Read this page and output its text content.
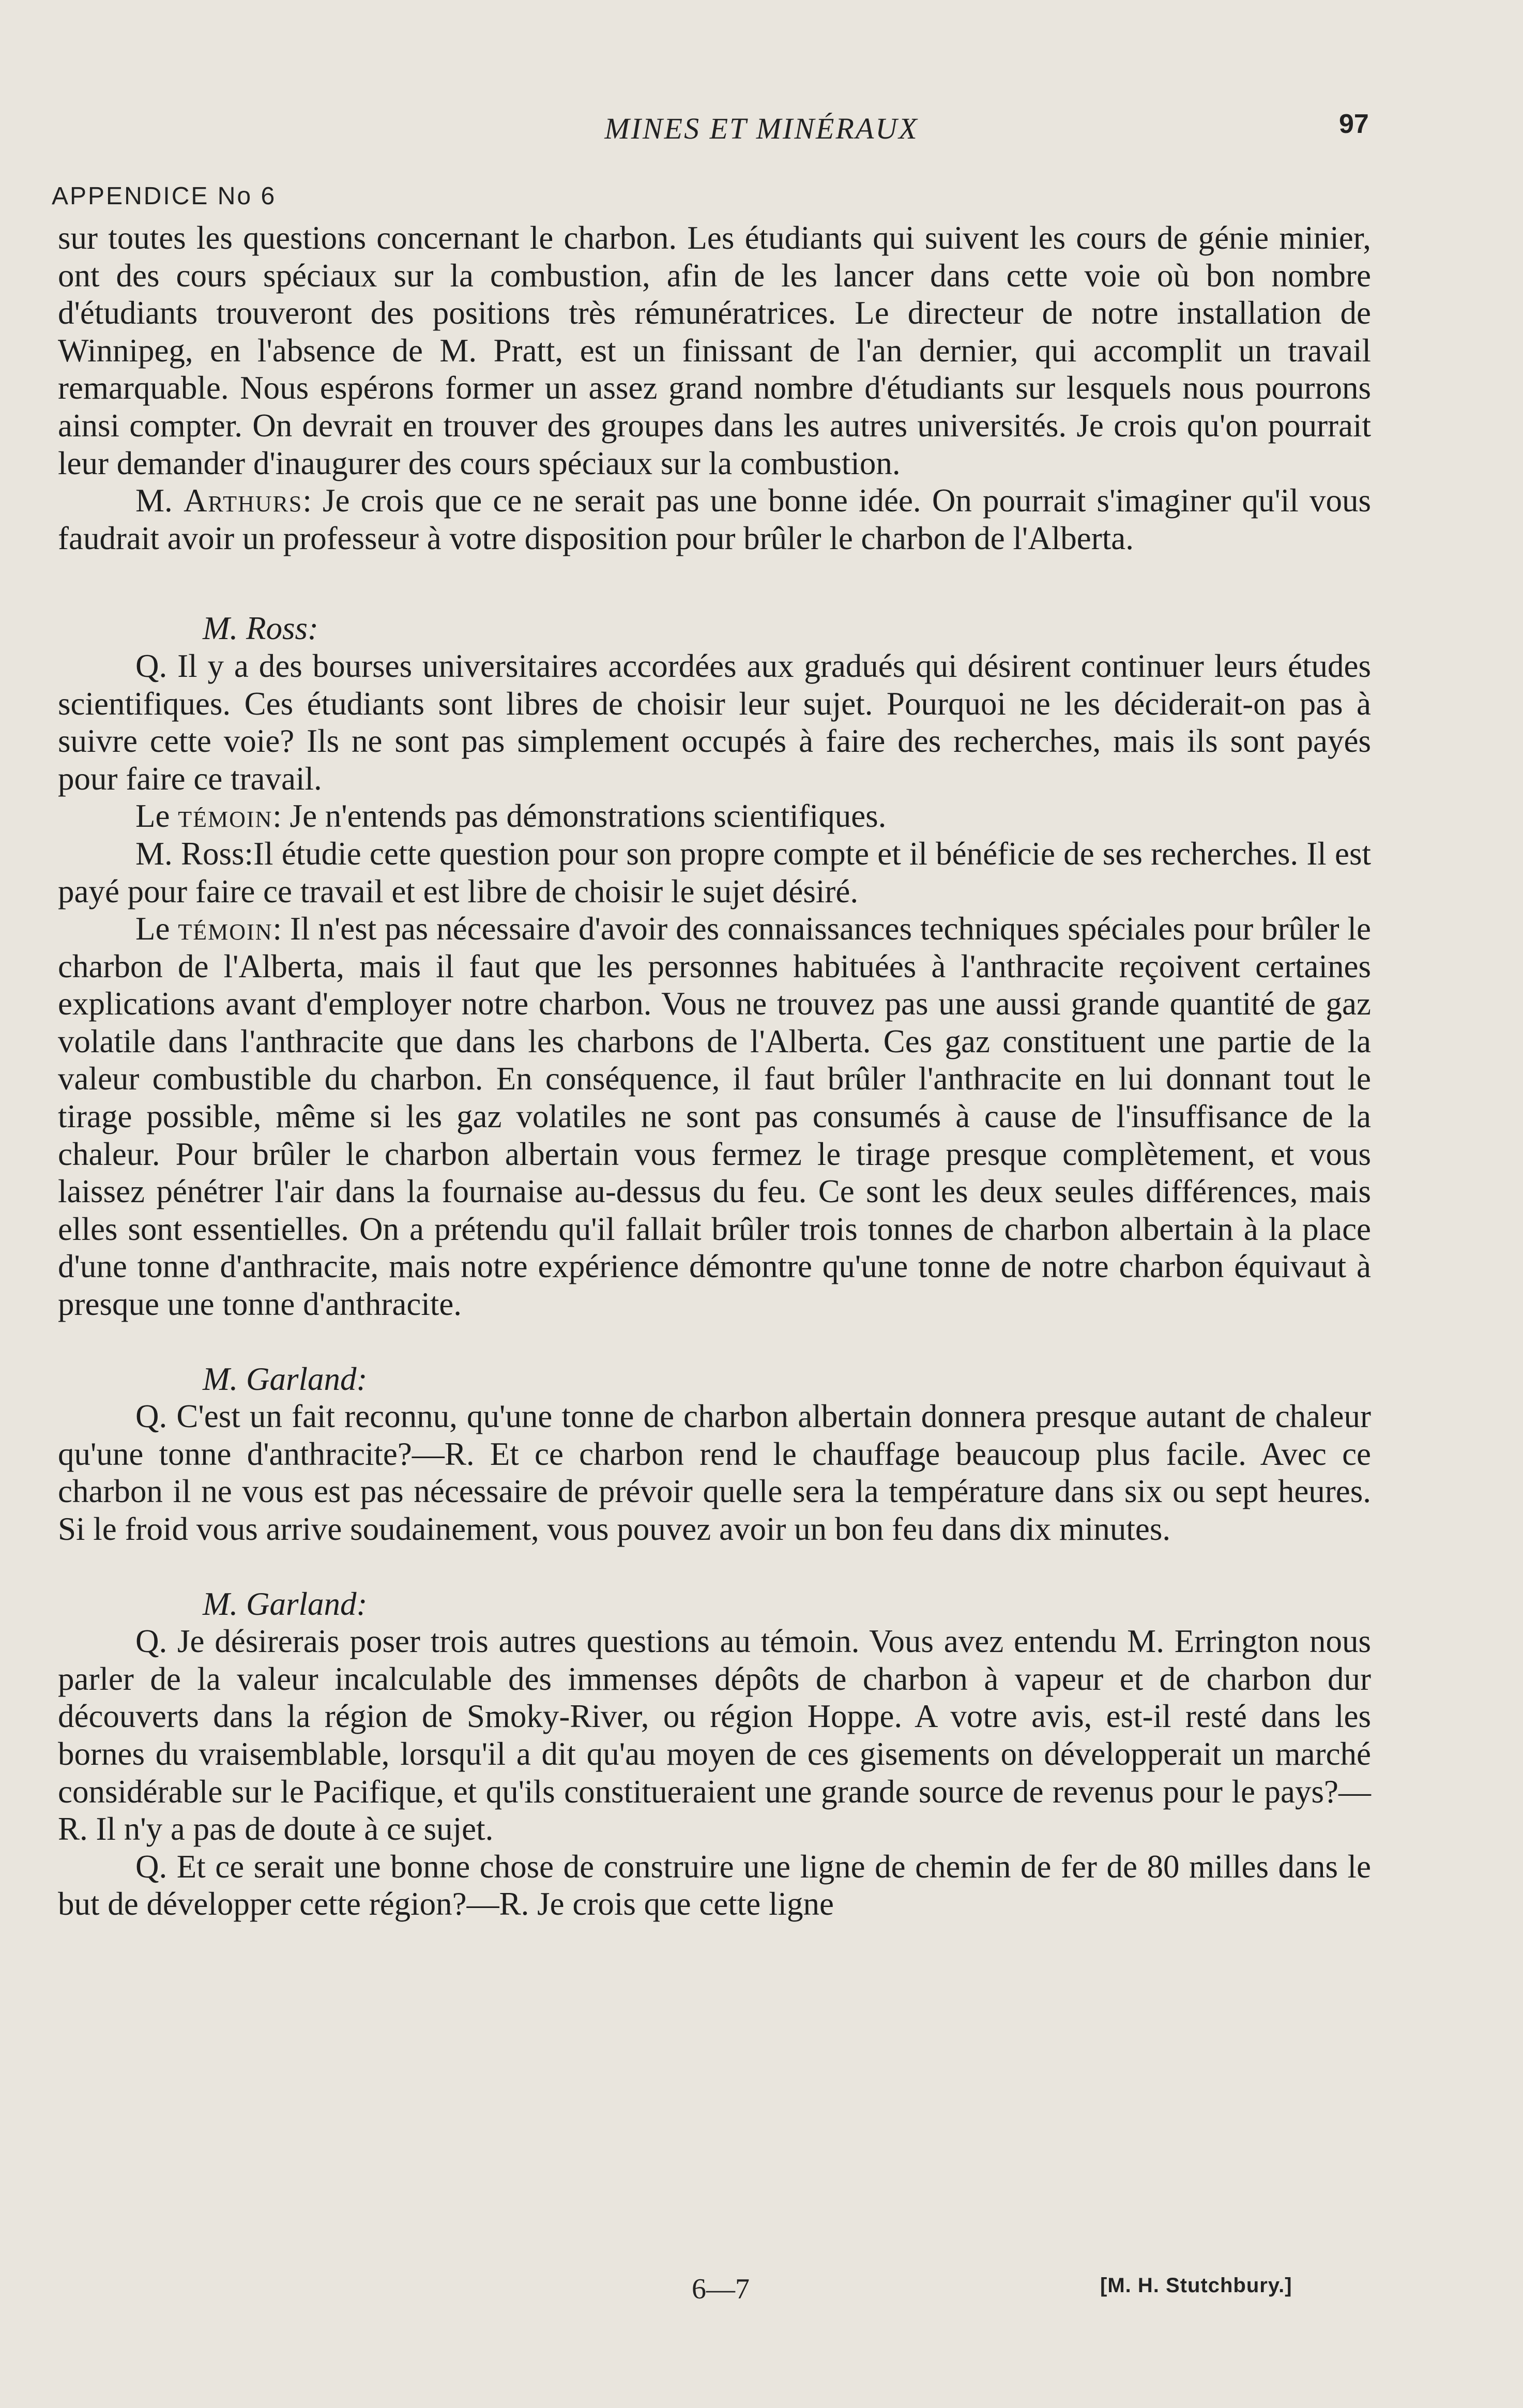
MINES ET MINÉRAUX	97
APPENDICE No 6

sur toutes les questions concernant le charbon. Les étudiants qui suivent les cours de génie minier, ont des cours spéciaux sur la combustion, afin de les lancer dans cette voie où bon nombre d'étudiants trouveront des positions très rémunératrices. Le directeur de notre installation de Winnipeg, en l'absence de M. Pratt, est un finissant de l'an dernier, qui accomplit un travail remarquable. Nous espérons former un assez grand nombre d'étudiants sur lesquels nous pourrons ainsi compter. On devrait en trouver des groupes dans les autres universités. Je crois qu'on pourrait leur demander d'inaugurer des cours spéciaux sur la combustion.

M. Arthurs: Je crois que ce ne serait pas une bonne idée. On pourrait s'imaginer qu'il vous faudrait avoir un professeur à votre disposition pour brûler le charbon de l'Alberta.

M. Ross:

Q. Il y a des bourses universitaires accordées aux gradués qui désirent continuer leurs études scientifiques. Ces étudiants sont libres de choisir leur sujet. Pourquoi ne les déciderait-on pas à suivre cette voie? Ils ne sont pas simplement occupés à faire des recherches, mais ils sont payés pour faire ce travail.

Le témoin: Je n'entends pas démonstrations scientifiques.

M. Ross:Il étudie cette question pour son propre compte et il bénéficie de ses recherches. Il est payé pour faire ce travail et est libre de choisir le sujet désiré.

Le témoin: Il n'est pas nécessaire d'avoir des connaissances techniques spéciales pour brûler le charbon de l'Alberta, mais il faut que les personnes habituées à l'anthracite reçoivent certaines explications avant d'employer notre charbon. Vous ne trouvez pas une aussi grande quantité de gaz volatile dans l'anthracite que dans les charbons de l'Alberta. Ces gaz constituent une partie de la valeur combustible du charbon. En conséquence, il faut brûler l'anthracite en lui donnant tout le tirage possible, même si les gaz volatiles ne sont pas consumés à cause de l'insuffisance de la chaleur. Pour brûler le charbon albertain vous fermez le tirage presque complètement, et vous laissez pénétrer l'air dans la fournaise au-dessus du feu. Ce sont les deux seules différences, mais elles sont essentielles. On a prétendu qu'il fallait brûler trois tonnes de charbon albertain à la place d'une tonne d'anthracite, mais notre expérience démontre qu'une tonne de notre charbon équivaut à presque une tonne d'anthracite.

M. Garland:

Q. C'est un fait reconnu, qu'une tonne de charbon albertain donnera presque autant de chaleur qu'une tonne d'anthracite?—R. Et ce charbon rend le chauffage beaucoup plus facile. Avec ce charbon il ne vous est pas nécessaire de prévoir quelle sera la température dans six ou sept heures. Si le froid vous arrive soudainement, vous pouvez avoir un bon feu dans dix minutes.

M. Garland:

Q. Je désirerais poser trois autres questions au témoin. Vous avez entendu M. Errington nous parler de la valeur incalculable des immenses dépôts de charbon à vapeur et de charbon dur découverts dans la région de Smoky-River, ou région Hoppe. A votre avis, est-il resté dans les bornes du vraisemblable, lorsqu'il a dit qu'au moyen de ces gisements on développerait un marché considérable sur le Pacifique, et qu'ils constitueraient une grande source de revenus pour le pays?—R. Il n'y a pas de doute à ce sujet.

Q. Et ce serait une bonne chose de construire une ligne de chemin de fer de 80 milles dans le but de développer cette région?—R. Je crois que cette ligne

6—7	[M. H. Stutchbury.]
